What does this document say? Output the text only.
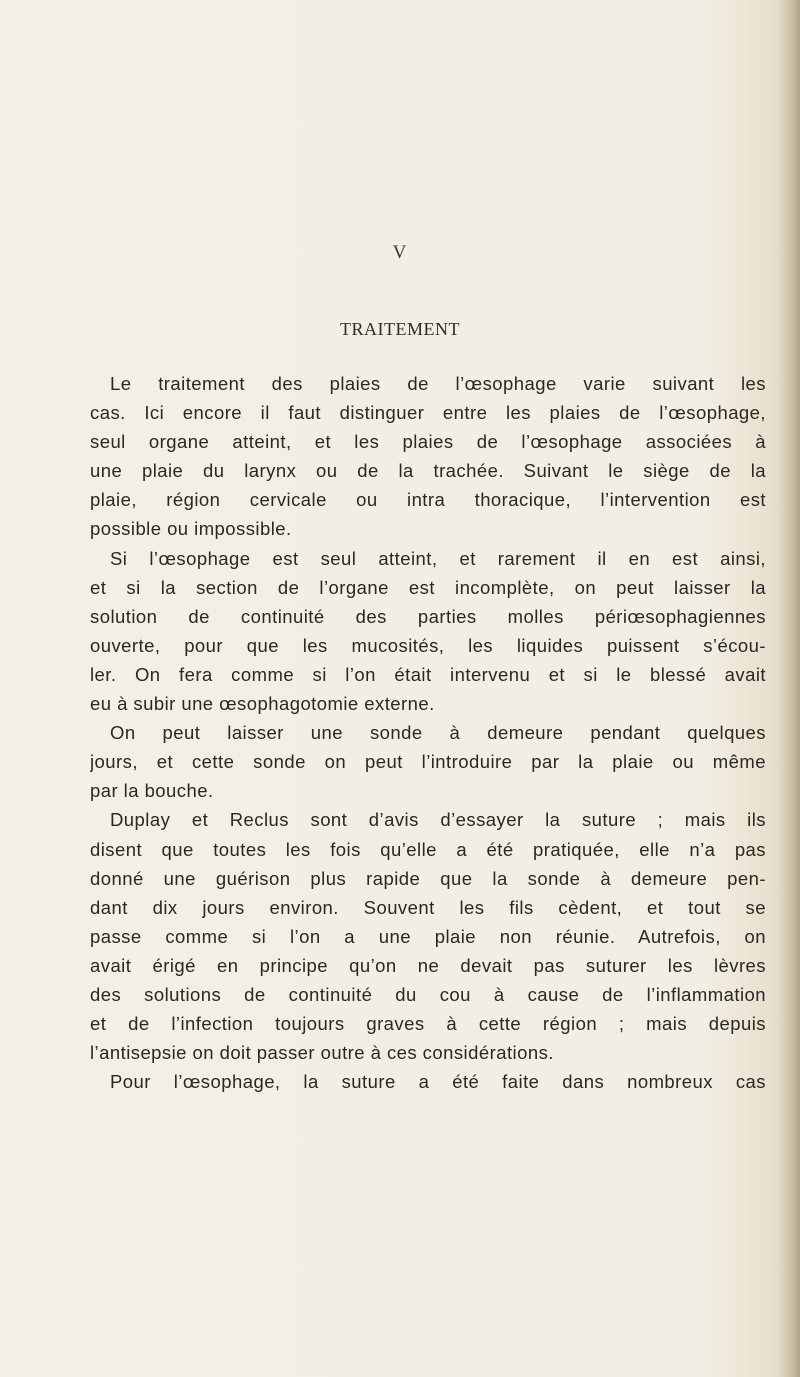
V
TRAITEMENT
Le traitement des plaies de l’œsophage varie suivant les
cas. Ici encore il faut distinguer entre les plaies de l’œsophage,
seul organe atteint, et les plaies de l’œsophage associées à
une plaie du larynx ou de la trachée. Suivant le siège de la
plaie, région cervicale ou intra thoracique, l’intervention est
possible ou impossible.
Si l’œsophage est seul atteint, et rarement il en est ainsi,
et si la section de l’organe est incomplète, on peut laisser la
solution de continuité des parties molles périœsophagiennes
ouverte, pour que les mucosités, les liquides puissent s’écou-
ler. On fera comme si l’on était intervenu et si le blessé avait
eu à subir une œsophagotomie externe.
On peut laisser une sonde à demeure pendant quelques
jours, et cette sonde on peut l’introduire par la plaie ou même
par la bouche.
Duplay et Reclus sont d’avis d’essayer la suture ; mais ils
disent que toutes les fois qu’elle a été pratiquée, elle n’a pas
donné une guérison plus rapide que la sonde à demeure pen-
dant dix jours environ. Souvent les fils cèdent, et tout se
passe comme si l’on a une plaie non réunie. Autrefois, on
avait érigé en principe qu’on ne devait pas suturer les lèvres
des solutions de continuité du cou à cause de l’inflammation
et de l’infection toujours graves à cette région ; mais depuis
l’antisepsie on doit passer outre à ces considérations.
Pour l’œsophage, la suture a été faite dans nombreux cas
